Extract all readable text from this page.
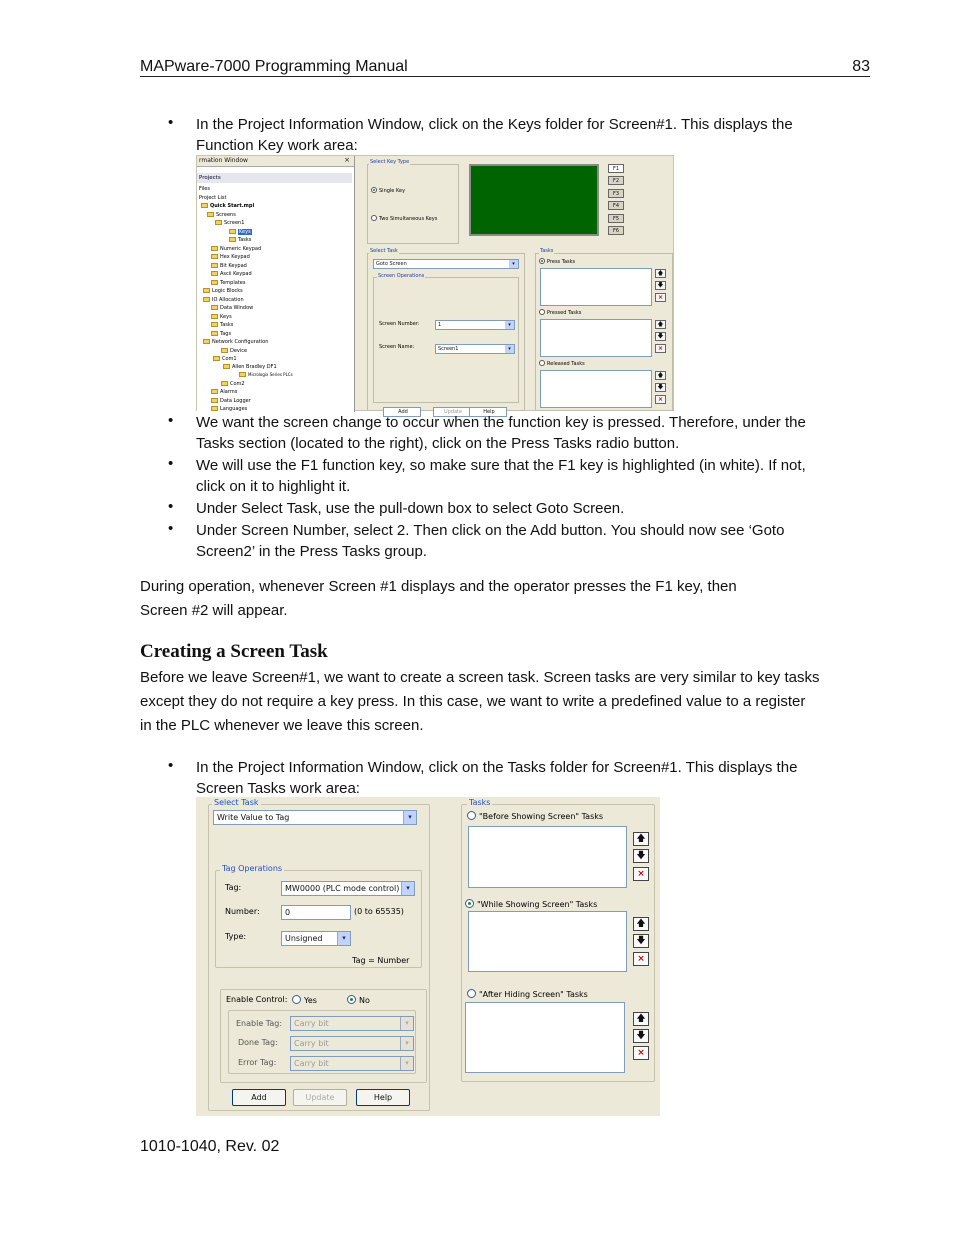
MAPware-7000 Programming Manual	83
• In the Project Information Window, click on the Keys folder for Screen#1. This displays the Function Key work area:
rmation Window	×
Projects
Files
Project List
Quick Start.mpl
Screens
Screen1
Keys
Tasks
Numeric Keypad
Hex Keypad
Bit Keypad
Ascii Keypad
Templates
Logic Blocks
IO Allocation
Data Window
Keys
Tasks
Tags
Network Configuration
Device
Com1
Allen Bradley DF1
Micrologix Series PLCs
Com2
Alarms
Data Logger
Languages
Select Key Type
Single Key
Two Simultaneous Keys
F1
F2
F3
F4
F5
F6
Select Task
Goto Screen	▾
Screen Operations
Screen Number:	1	▾
Screen Name:	Screen1	▾
Add	Update	Help
Tasks
Press Tasks
🡅
🡇
×
Pressed Tasks
🡅
🡇
×
Released Tasks
🡅
🡇
×
• We want the screen change to occur when the function key is pressed. Therefore, under the Tasks section (located to the right), click on the Press Tasks radio button.
• We will use the F1 function key, so make sure that the F1 key is highlighted (in white). If not, click on it to highlight it.
• Under Select Task, use the pull-down box to select Goto Screen.
• Under Screen Number, select 2. Then click on the Add button. You should now see ‘Goto Screen2’ in the Press Tasks group.
During operation, whenever Screen #1 displays and the operator presses the F1 key, then Screen #2 will appear.
Creating a Screen Task
Before we leave Screen#1, we want to create a screen task. Screen tasks are very similar to key tasks except they do not require a key press. In this case, we want to write a predefined value to a register in the PLC whenever we leave this screen.
• In the Project Information Window, click on the Tasks folder for Screen#1. This displays the Screen Tasks work area:
Select Task
Write Value to Tag	▾
Tag Operations
Tag:	MW0000 (PLC mode control) ▾
Number:	0	(0 to 65535)
Type:	Unsigned	▾
Tag = Number
Enable Control:	Yes	No
Enable Tag:	Carry bit	▾
Done Tag:	Carry bit	▾
Error Tag:	Carry bit	▾
Add	Update	Help
Tasks
"Before Showing Screen" Tasks
🡅
🡇
×
"While Showing Screen" Tasks
🡅
🡇
×
"After Hiding Screen" Tasks
🡅
🡇
×
1010-1040, Rev. 02
